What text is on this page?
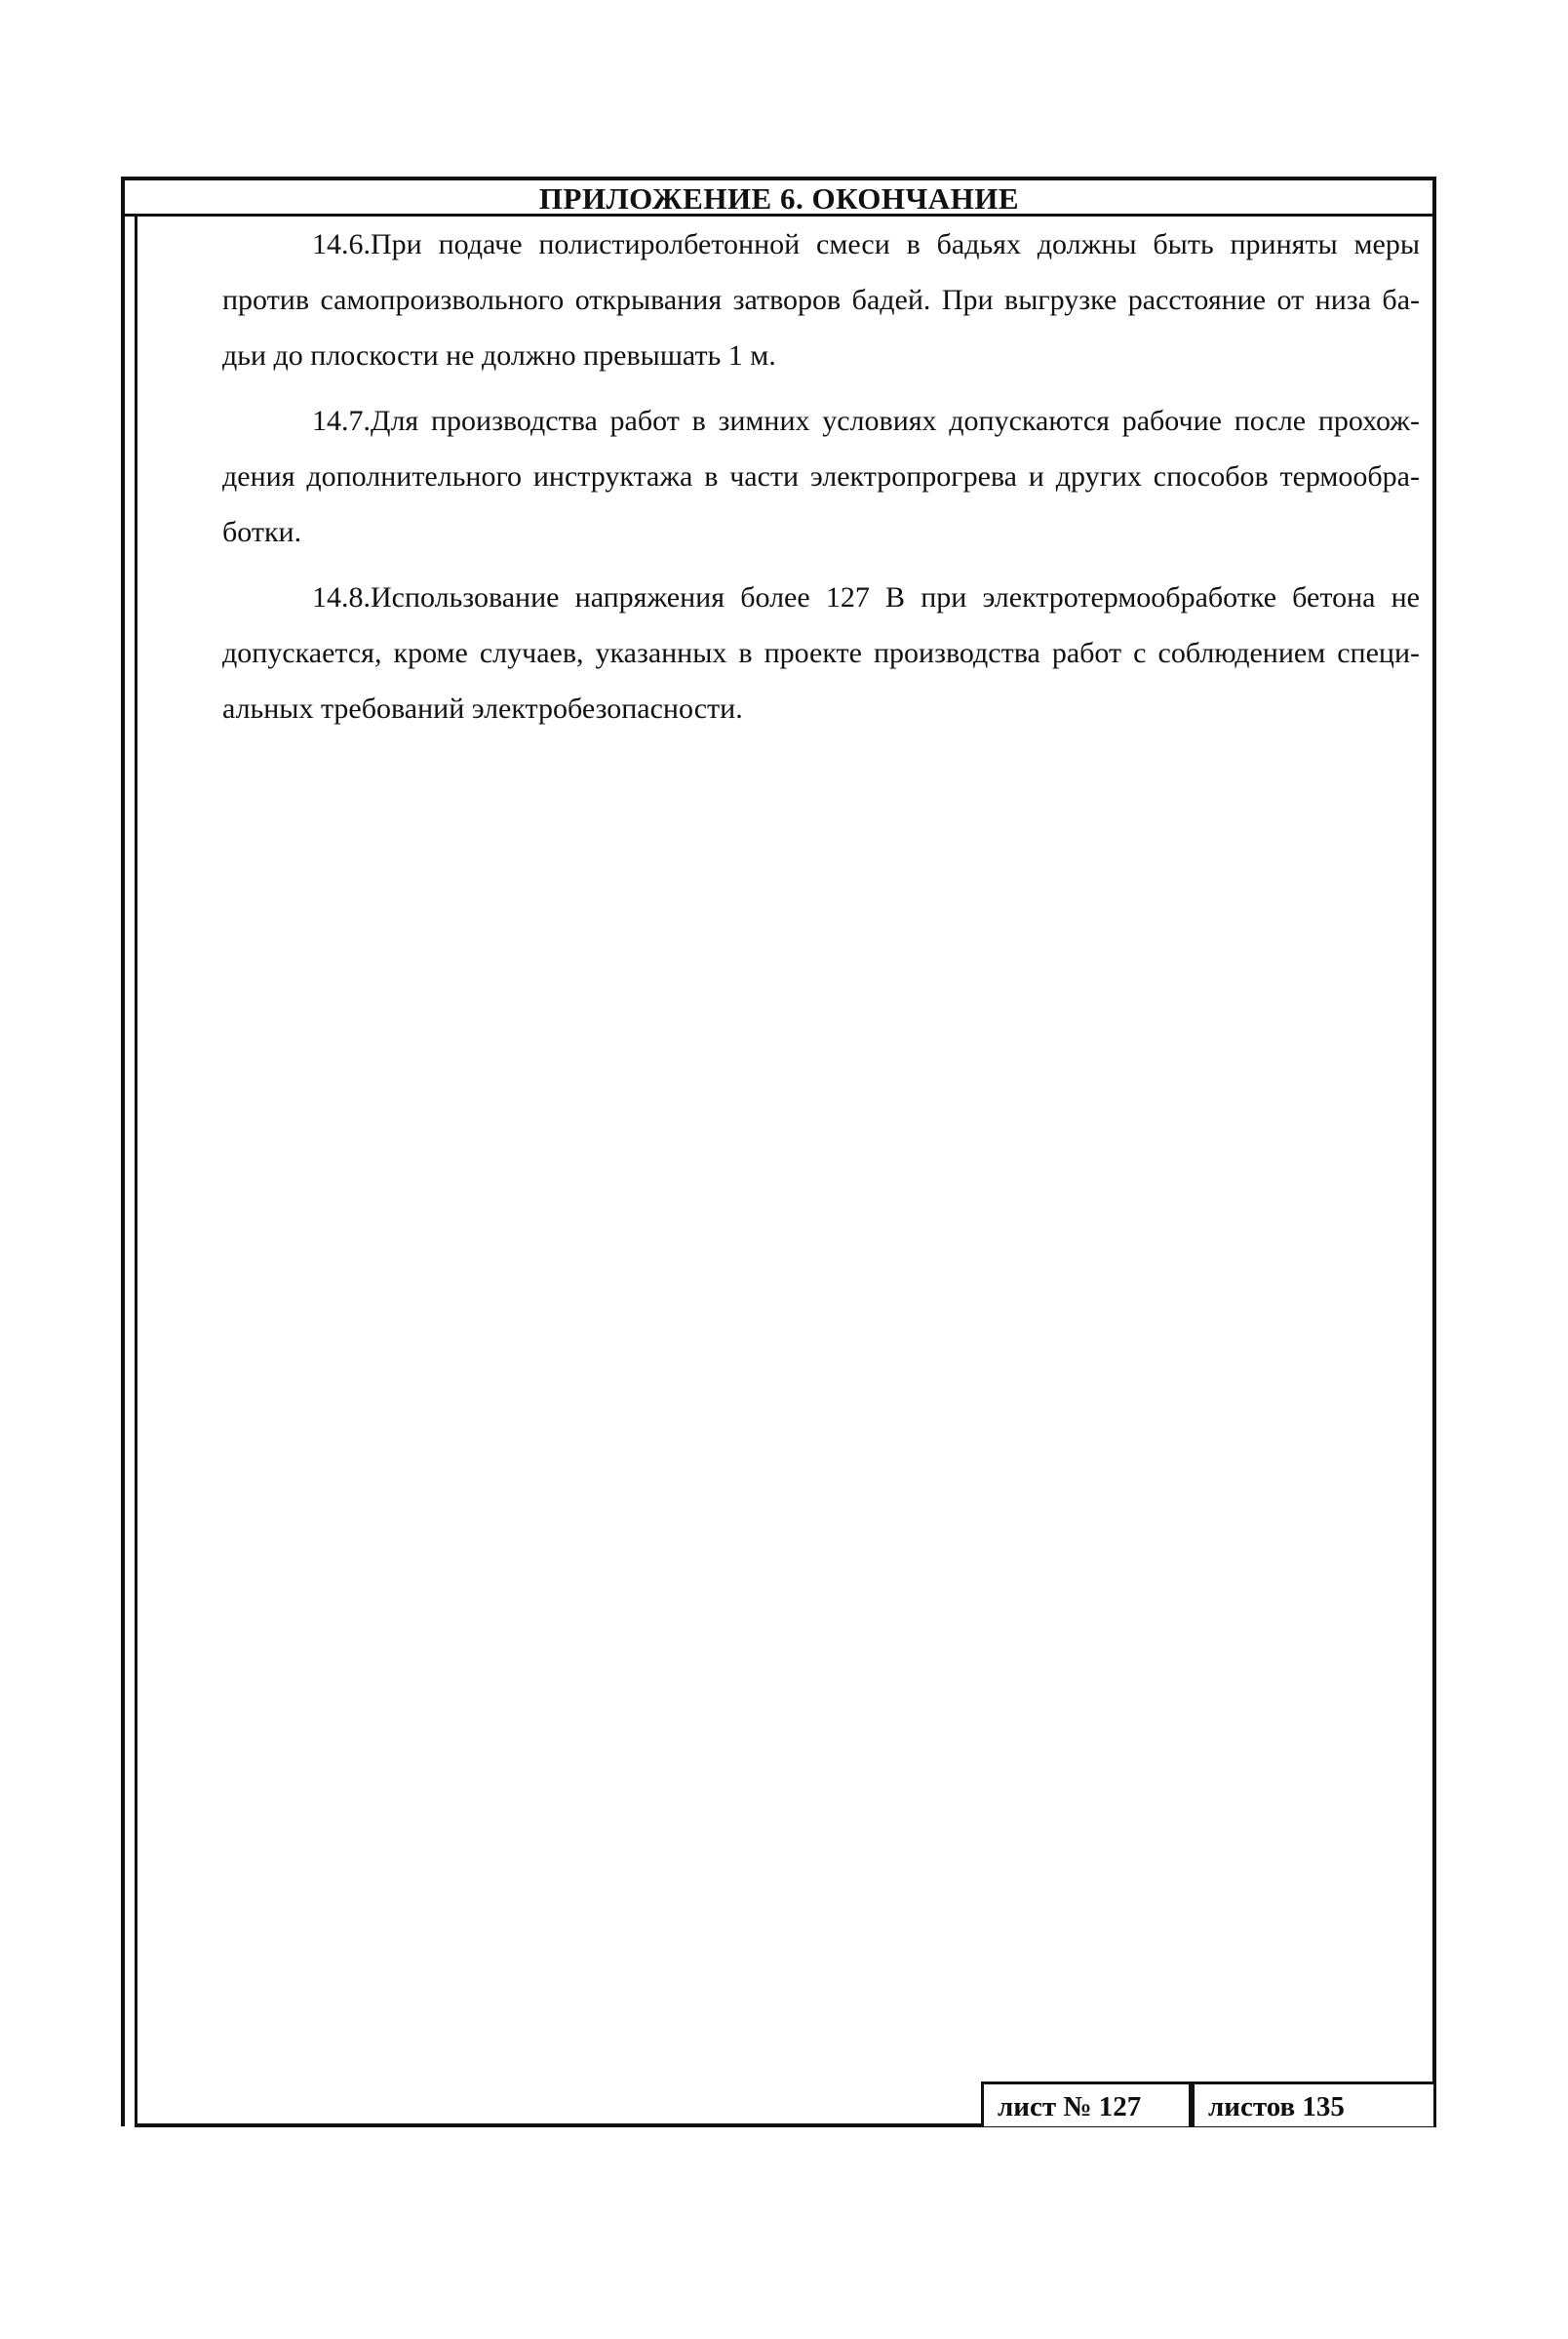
ПРИЛОЖЕНИЕ 6. ОКОНЧАНИЕ
14.6.При подаче полистиролбетонной смеси в бадьях должны быть приняты меры
против самопроизвольного открывания затворов бадей. При выгрузке расстояние от низа ба-
дьи до плоскости не должно превышать 1 м.
14.7.Для производства работ в зимних условиях допускаются рабочие после прохож-
дения дополнительного инструктажа в части электропрогрева и других способов термообра-
ботки.
14.8.Использование напряжения более 127 В при электротермообработке бетона не
допускается, кроме случаев, указанных в проекте производства работ с соблюдением специ-
альных требований электробезопасности.
лист № 127	листов 135
